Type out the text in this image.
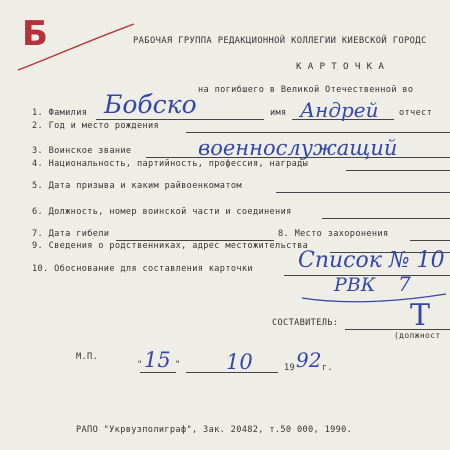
Б	РАБОЧАЯ ГРУППА РЕДАКЦИОННОЙ КОЛЛЕГИИ КИЕВСКОЙ ГОРОДС
К А Р Т О Ч К А
на погибшего в Великой Отечественной во
1. Фамилия Бобско	имя Андрей отчест
2. Год и место рождения
3. Воинское звание	военнослужащий
4. Национальность, партийность, профессия, награды
5. Дата призыва и каким райвоенкоматом
6. Должность, номер воинской части и соединения
7. Дата гибели	8. Место захоронения
9. Сведения о родственниках, адрес местожительства
10. Обоснование для составления карточки Список № 10
РВК 7
СОСТАВИТЕЛЬ: Т
(должност
М.П.
" 15 " 10	19 92 г.
РАПО "Укрвузполиграф", Зак. 20482, т.50 000, 1990.
